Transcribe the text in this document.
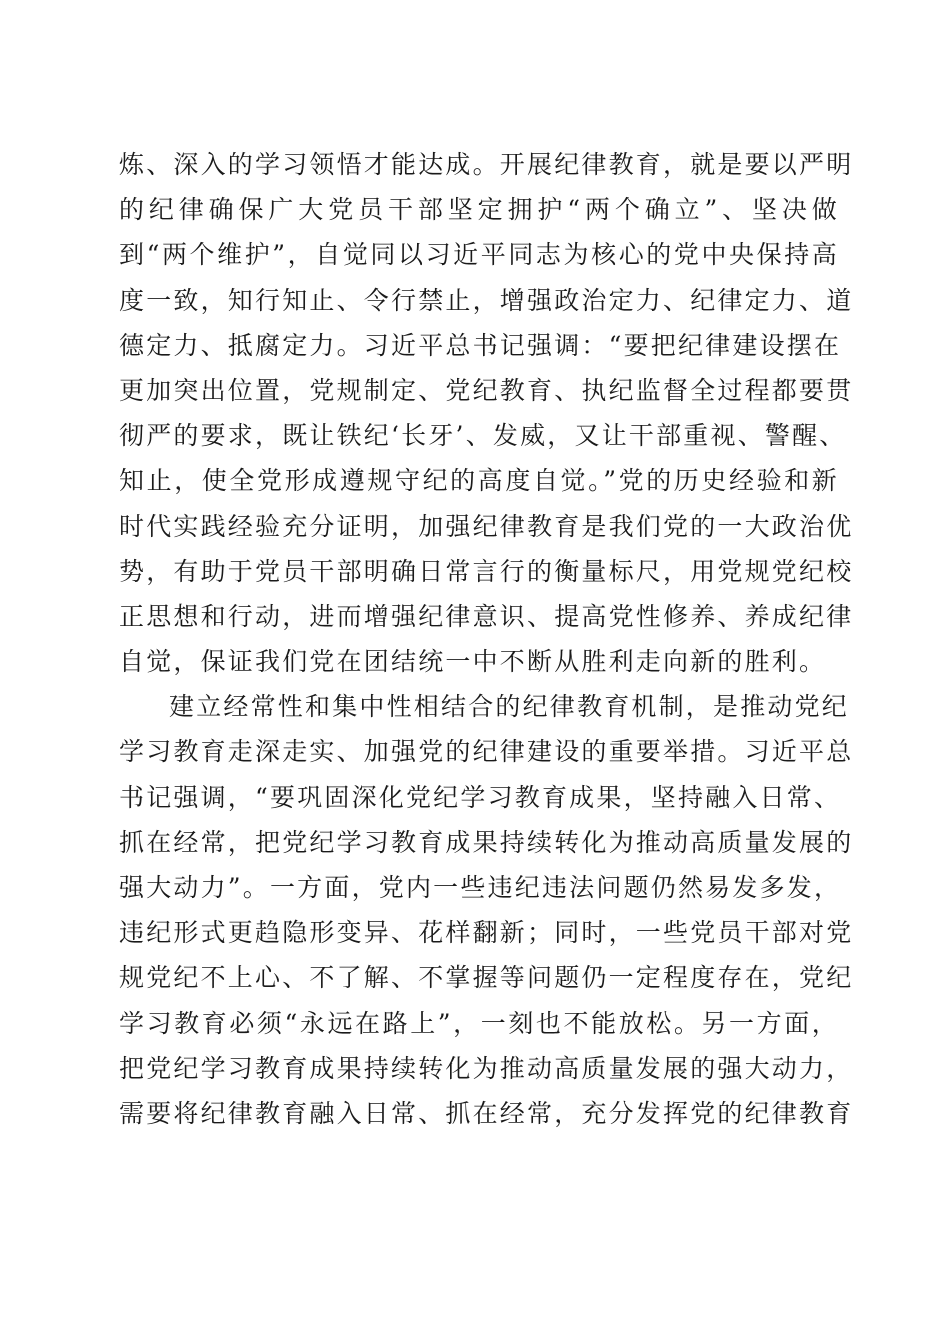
炼、深入的学习领悟才能达成。开展纪律教育，就是要以严明
的纪律确保广大党员干部坚定拥护“两个确立”、坚决做
到“两个维护”，自觉同以习近平同志为核心的党中央保持高
度一致，知行知止、令行禁止，增强政治定力、纪律定力、道
德定力、抵腐定力。习近平总书记强调：“要把纪律建设摆在
更加突出位置，党规制定、党纪教育、执纪监督全过程都要贯
彻严的要求，既让铁纪‘长牙’、发威，又让干部重视、警醒、
知止，使全党形成遵规守纪的高度自觉。”党的历史经验和新
时代实践经验充分证明，加强纪律教育是我们党的一大政治优
势，有助于党员干部明确日常言行的衡量标尺，用党规党纪校
正思想和行动，进而增强纪律意识、提高党性修养、养成纪律
自觉，保证我们党在团结统一中不断从胜利走向新的胜利。
建立经常性和集中性相结合的纪律教育机制，是推动党纪
学习教育走深走实、加强党的纪律建设的重要举措。习近平总
书记强调，“要巩固深化党纪学习教育成果，坚持融入日常、
抓在经常，把党纪学习教育成果持续转化为推动高质量发展的
强大动力”。一方面，党内一些违纪违法问题仍然易发多发，
违纪形式更趋隐形变异、花样翻新；同时，一些党员干部对党
规党纪不上心、不了解、不掌握等问题仍一定程度存在，党纪
学习教育必须“永远在路上”，一刻也不能放松。另一方面，
把党纪学习教育成果持续转化为推动高质量发展的强大动力，
需要将纪律教育融入日常、抓在经常，充分发挥党的纪律教育
